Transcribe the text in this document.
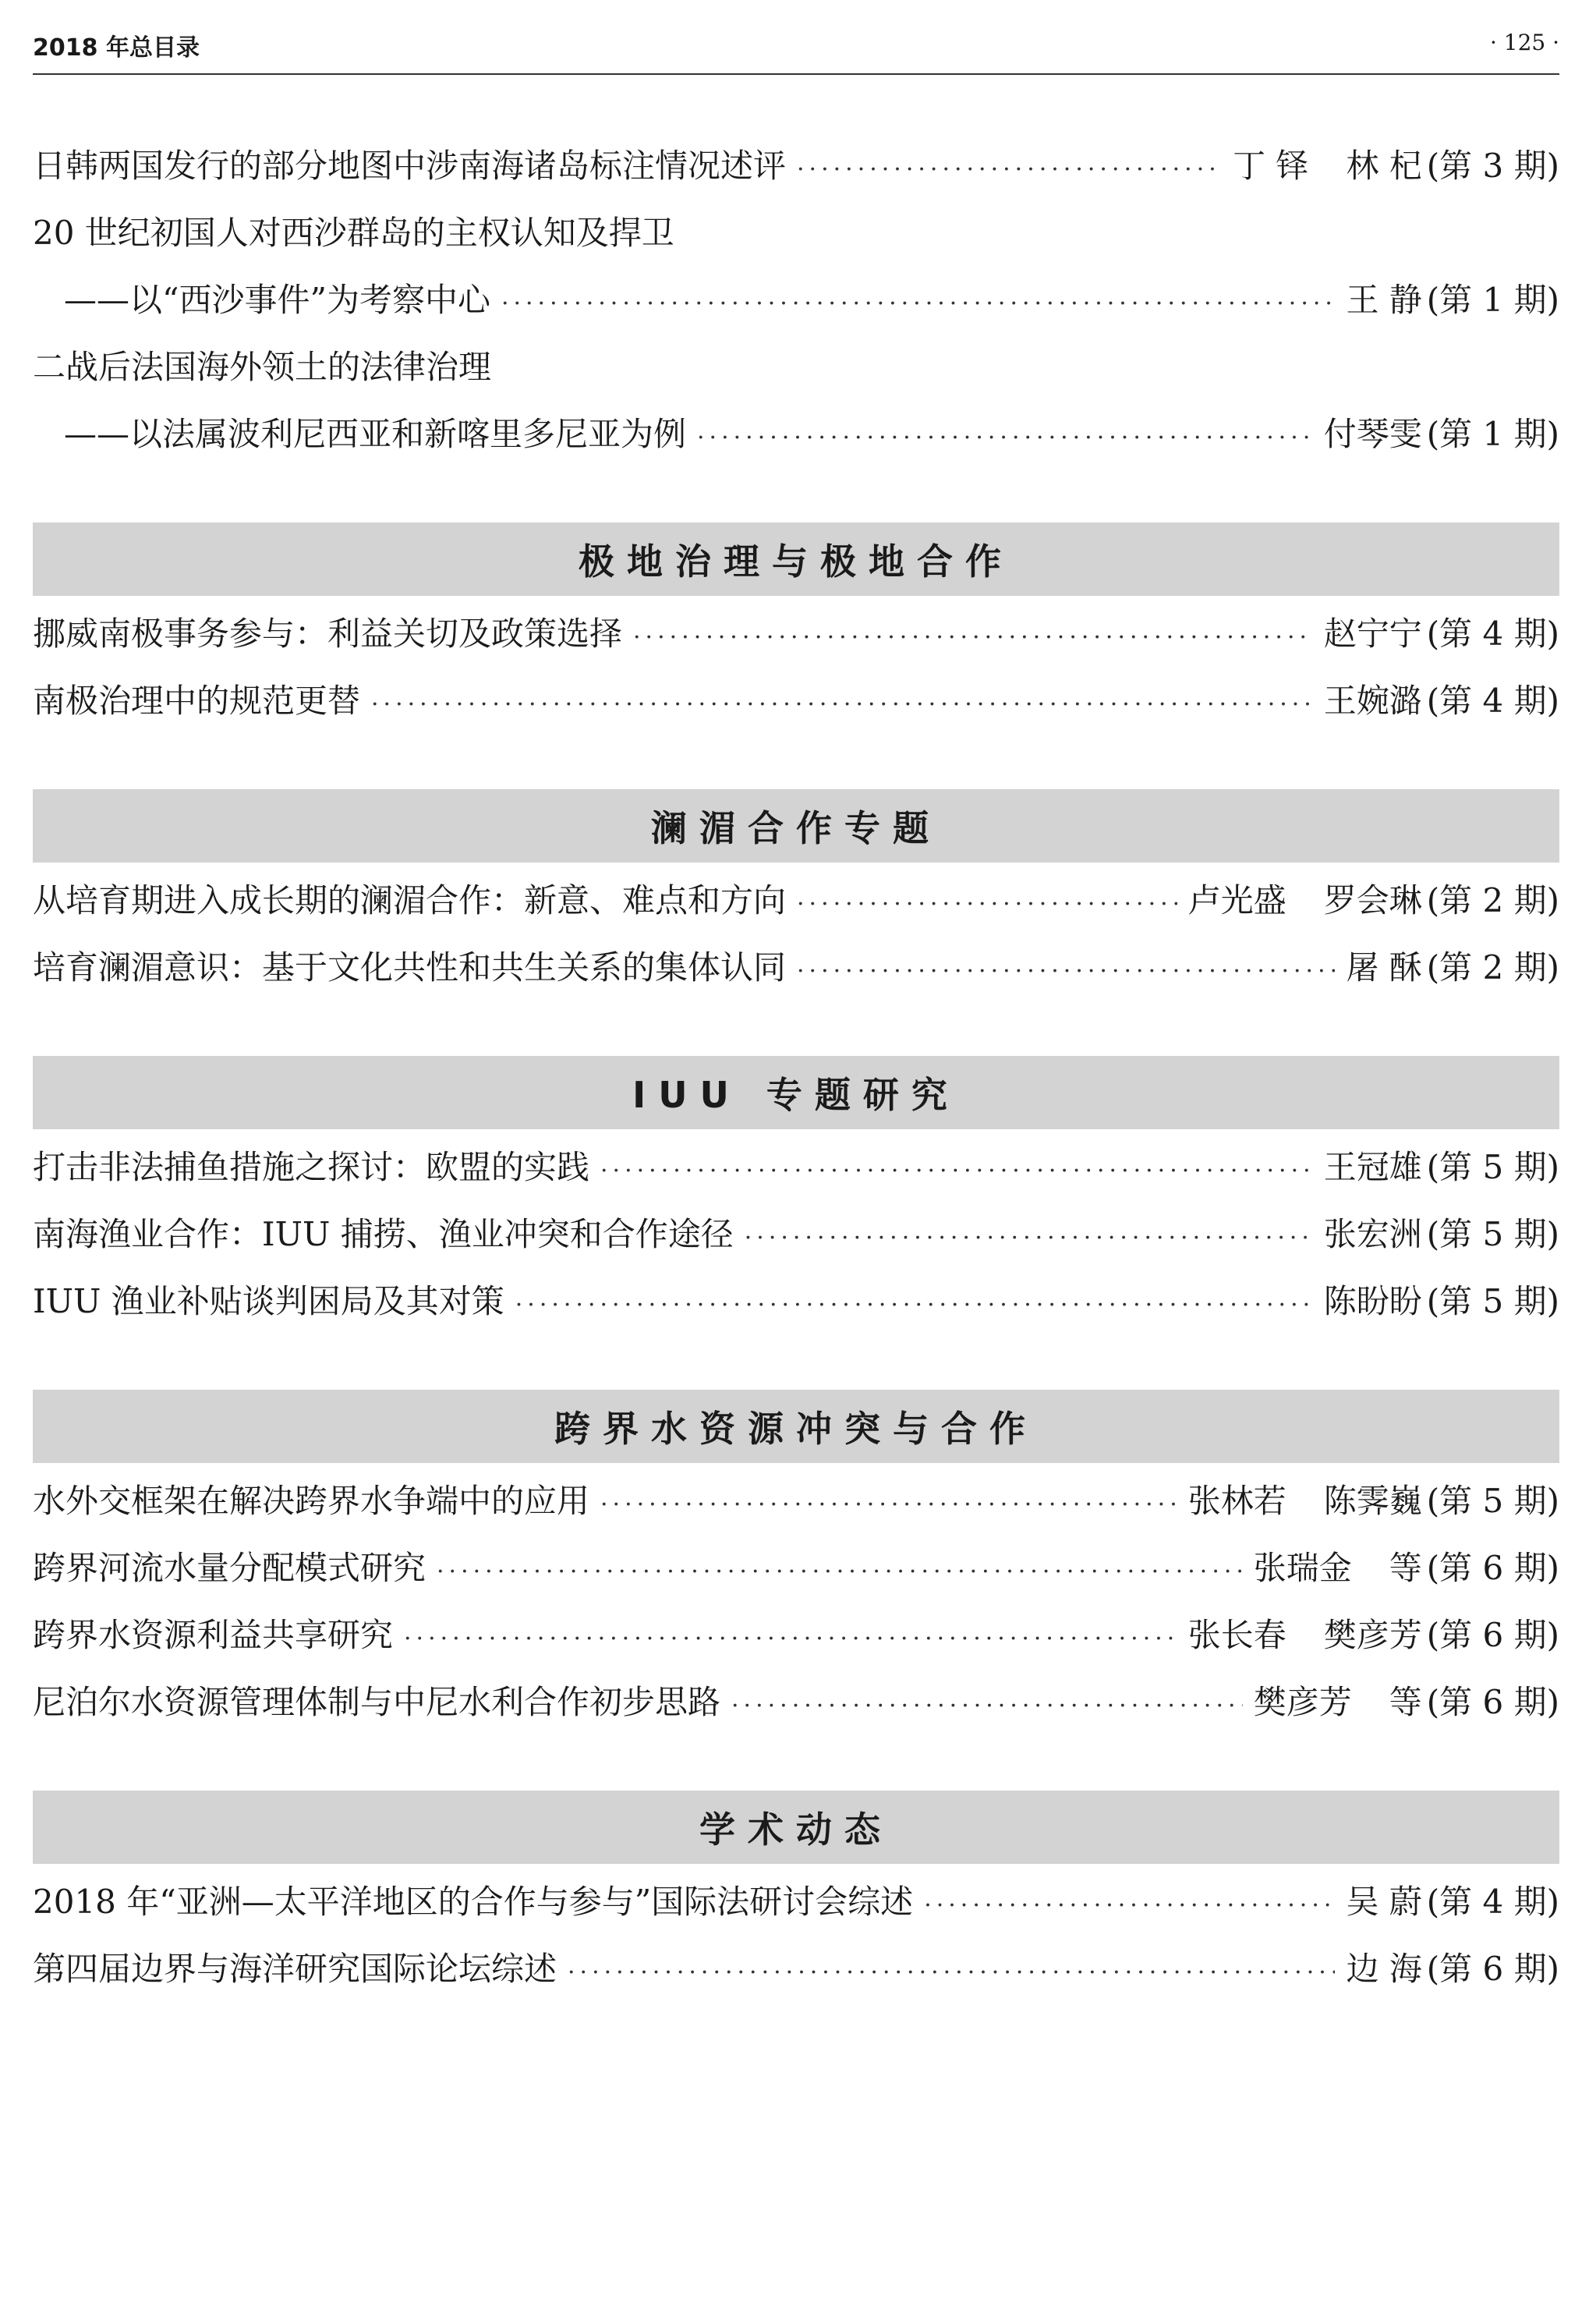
2018 年总目录	· 125 ·
日韩两国发行的部分地图中涉南海诸岛标注情况述评 ·····	丁 铎 林 杞 (第 3 期)
20 世纪初国人对西沙群岛的主权认知及捍卫
——以“西沙事件”为考察中心 ·····	王 静 (第 1 期)
二战后法国海外领土的法律治理
——以法属波利尼西亚和新喀里多尼亚为例 ·····	付琴雯 (第 1 期)
极地治理与极地合作
挪威南极事务参与：利益关切及政策选择 ·····	赵宁宁 (第 4 期)
南极治理中的规范更替 ·····	王婉潞 (第 4 期)
澜湄合作专题
从培育期进入成长期的澜湄合作：新意、难点和方向 ·····	卢光盛 罗会琳 (第 2 期)
培育澜湄意识：基于文化共性和共生关系的集体认同 ·····	屠 酥 (第 2 期)
IUU 专题研究
打击非法捕鱼措施之探讨：欧盟的实践 ·····	王冠雄 (第 5 期)
南海渔业合作：IUU 捕捞、渔业冲突和合作途径 ·····	张宏洲 (第 5 期)
IUU 渔业补贴谈判困局及其对策 ·····	陈盼盼 (第 5 期)
跨界水资源冲突与合作
水外交框架在解决跨界水争端中的应用 ·····	张林若 陈霁巍 (第 5 期)
跨界河流水量分配模式研究 ·····	张瑞金 等 (第 6 期)
跨界水资源利益共享研究 ·····	张长春 樊彦芳 (第 6 期)
尼泊尔水资源管理体制与中尼水利合作初步思路 ·····	樊彦芳 等 (第 6 期)
学术动态
2018 年“亚洲—太平洋地区的合作与参与”国际法研讨会综述 ·····	吴 蔚 (第 4 期)
第四届边界与海洋研究国际论坛综述 ·····	边 海 (第 6 期)
